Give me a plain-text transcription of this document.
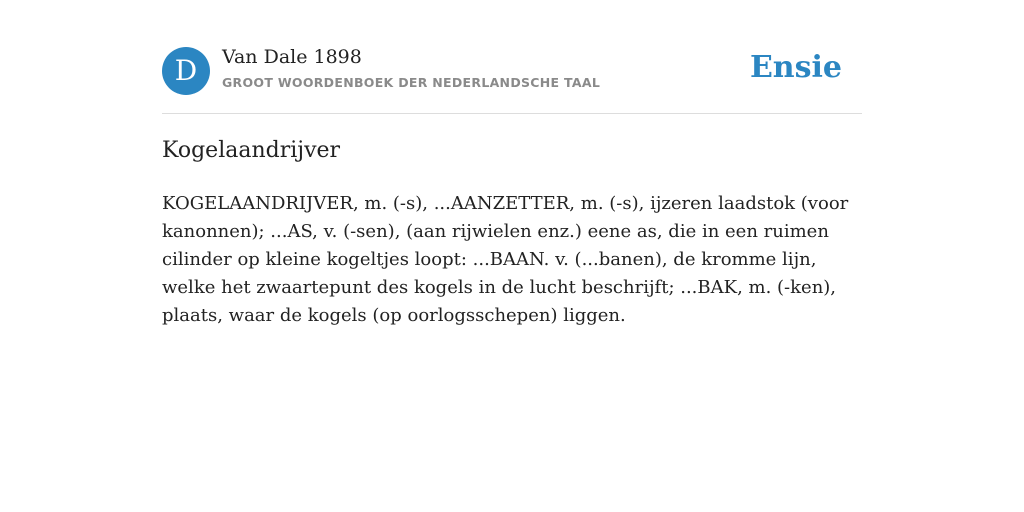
D	Van Dale 1898
GROOT WOORDENBOEK DER NEDERLANDSCHE TAAL	Ensie
Kogelaandrijver

KOGELAANDRIJVER, m. (-s), ...AANZETTER, m. (-s), ijzeren laadstok (voor kanonnen); ...AS, v. (-sen), (aan rijwielen enz.) eene as, die in een ruimen cilinder op kleine kogeltjes loopt: ...BAAN. v. (...banen), de kromme lijn, welke het zwaartepunt des kogels in de lucht beschrijft; ...BAK, m. (-ken), plaats, waar de kogels (op oorlogsschepen) liggen.
